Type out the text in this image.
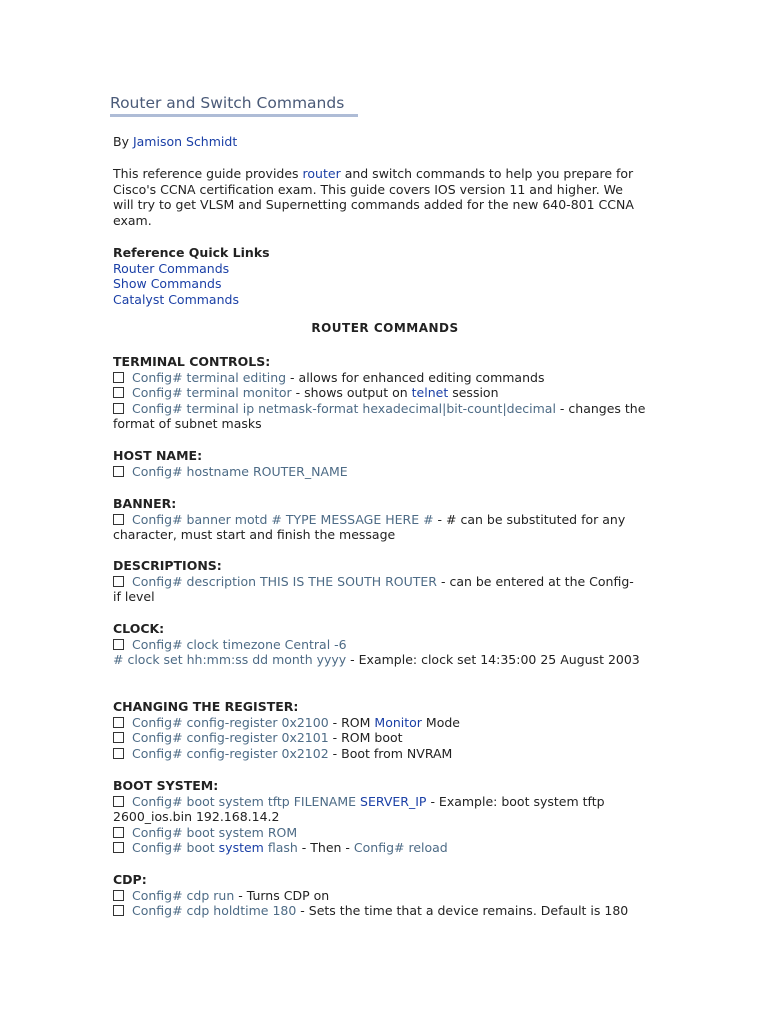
Router and Switch Commands
By Jamison Schmidt
This reference guide provides router and switch commands to help you prepare for
Cisco's CCNA certification exam. This guide covers IOS version 11 and higher. We
will try to get VLSM and Supernetting commands added for the new 640-801 CCNA
exam.
Reference Quick Links
Router Commands
Show Commands
Catalyst Commands
ROUTER COMMANDS
TERMINAL CONTROLS:
Config# terminal editing - allows for enhanced editing commands
Config# terminal monitor - shows output on telnet session
Config# terminal ip netmask-format hexadecimal|bit-count|decimal - changes the
format of subnet masks
HOST NAME:
Config# hostname ROUTER_NAME
BANNER:
Config# banner motd # TYPE MESSAGE HERE # - # can be substituted for any
character, must start and finish the message
DESCRIPTIONS:
Config# description THIS IS THE SOUTH ROUTER - can be entered at the Config-
if level
CLOCK:
Config# clock timezone Central -6
# clock set hh:mm:ss dd month yyyy - Example: clock set 14:35:00 25 August 2003
CHANGING THE REGISTER:
Config# config-register 0x2100 - ROM Monitor Mode
Config# config-register 0x2101 - ROM boot
Config# config-register 0x2102 - Boot from NVRAM
BOOT SYSTEM:
Config# boot system tftp FILENAME SERVER_IP - Example: boot system tftp
2600_ios.bin 192.168.14.2
Config# boot system ROM
Config# boot system flash - Then - Config# reload
CDP:
Config# cdp run - Turns CDP on
Config# cdp holdtime 180 - Sets the time that a device remains. Default is 180
